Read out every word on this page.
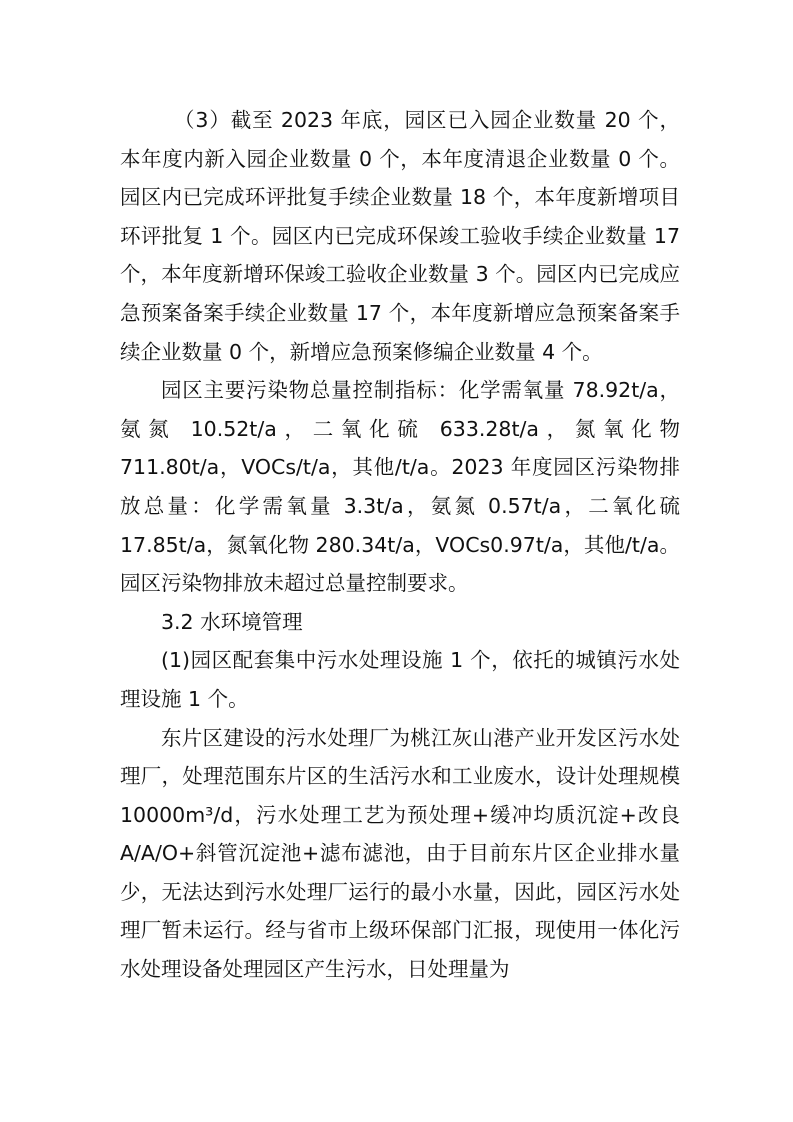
（3）截至 2023 年底，园区已入园企业数量 20 个，本年度内新入园企业数量 0 个，本年度清退企业数量 0 个。园区内已完成环评批复手续企业数量 18 个，本年度新增项目环评批复 1 个。园区内已完成环保竣工验收手续企业数量 17 个，本年度新增环保竣工验收企业数量 3 个。园区内已完成应急预案备案手续企业数量 17 个，本年度新增应急预案备案手续企业数量 0 个，新增应急预案修编企业数量 4 个。

园区主要污染物总量控制指标：化学需氧量 78.92t/a，氨氮 10.52t/a，二氧化硫 633.28t/a，氮氧化物 711.80t/a，VOCs/t/a，其他/t/a。2023 年度园区污染物排放总量：化学需氧量 3.3t/a，氨氮 0.57t/a，二氧化硫 17.85t/a，氮氧化物 280.34t/a，VOCs0.97t/a，其他/t/a。园区污染物排放未超过总量控制要求。

3.2 水环境管理

(1)园区配套集中污水处理设施 1 个，依托的城镇污水处理设施 1 个。

东片区建设的污水处理厂为桃江灰山港产业开发区污水处理厂，处理范围东片区的生活污水和工业废水，设计处理规模 10000m³/d，污水处理工艺为预处理+缓冲均质沉淀+改良 A/A/O+斜管沉淀池+滤布滤池，由于目前东片区企业排水量少，无法达到污水处理厂运行的最小水量，因此，园区污水处理厂暂未运行。经与省市上级环保部门汇报，现使用一体化污水处理设备处理园区产生污水，日处理量为
